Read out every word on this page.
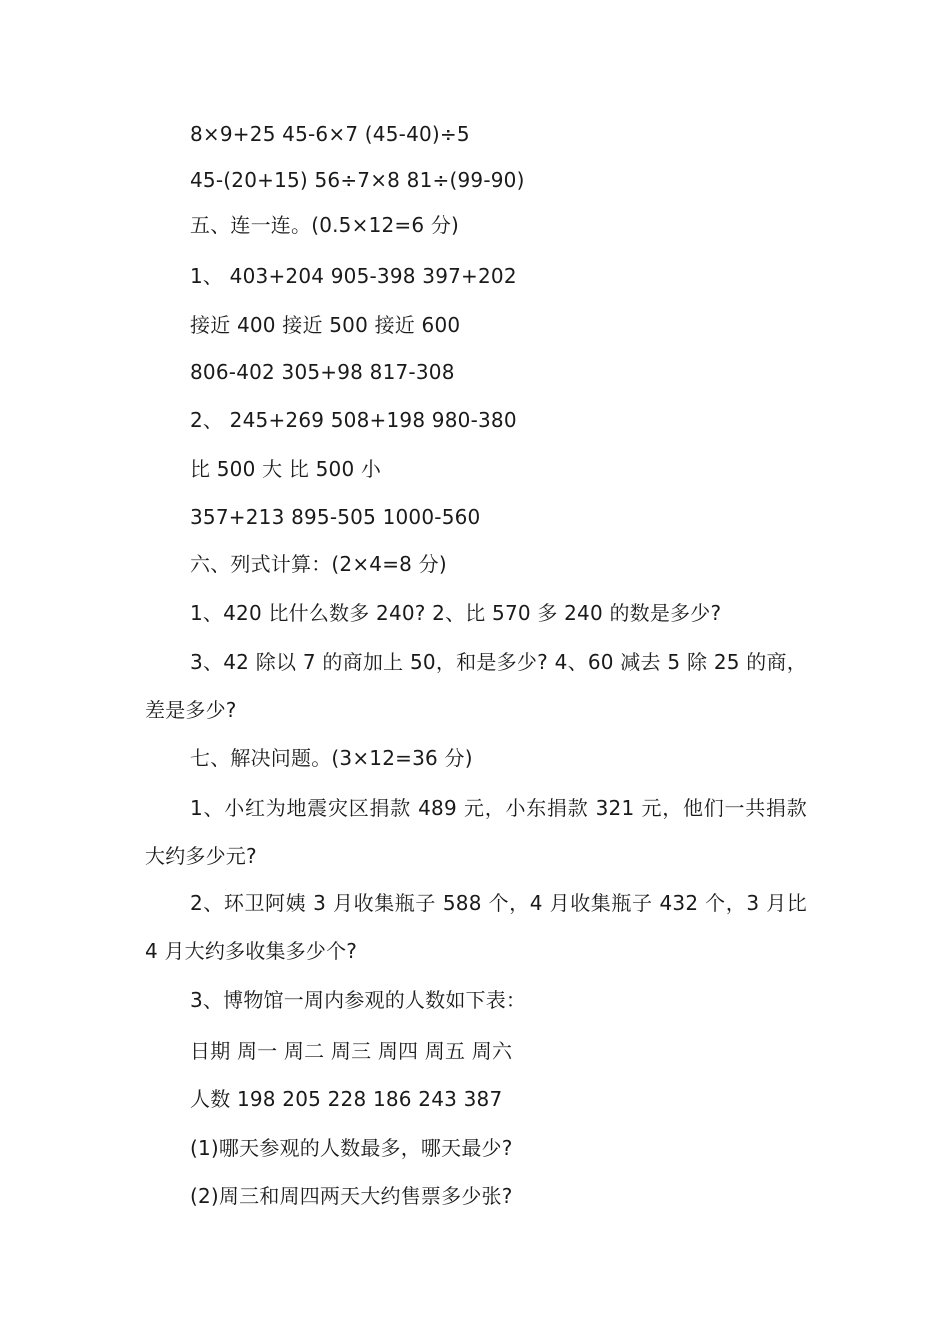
8×9+25 45-6×7 (45-40)÷5
45-(20+15) 56÷7×8 81÷(99-90)
五、连一连。(0.5×12=6 分)
1、 403+204 905-398 397+202
接近 400 接近 500 接近 600
806-402 305+98 817-308
2、 245+269 508+198 980-380
比 500 大 比 500 小
357+213 895-505 1000-560
六、列式计算：(2×4=8 分)
1、420 比什么数多 240? 2、比 570 多 240 的数是多少?
3、42 除以 7 的商加上 50，和是多少? 4、60 减去 5 除 25 的商，差是多少?
七、解决问题。(3×12=36 分)
1、小红为地震灾区捐款 489 元，小东捐款 321 元，他们一共捐款大约多少元?
2、环卫阿姨 3 月收集瓶子 588 个，4 月收集瓶子 432 个，3 月比 4 月大约多收集多少个?
3、博物馆一周内参观的人数如下表：
日期 周一 周二 周三 周四 周五 周六
人数 198 205 228 186 243 387
(1)哪天参观的人数最多，哪天最少?
(2)周三和周四两天大约售票多少张?
